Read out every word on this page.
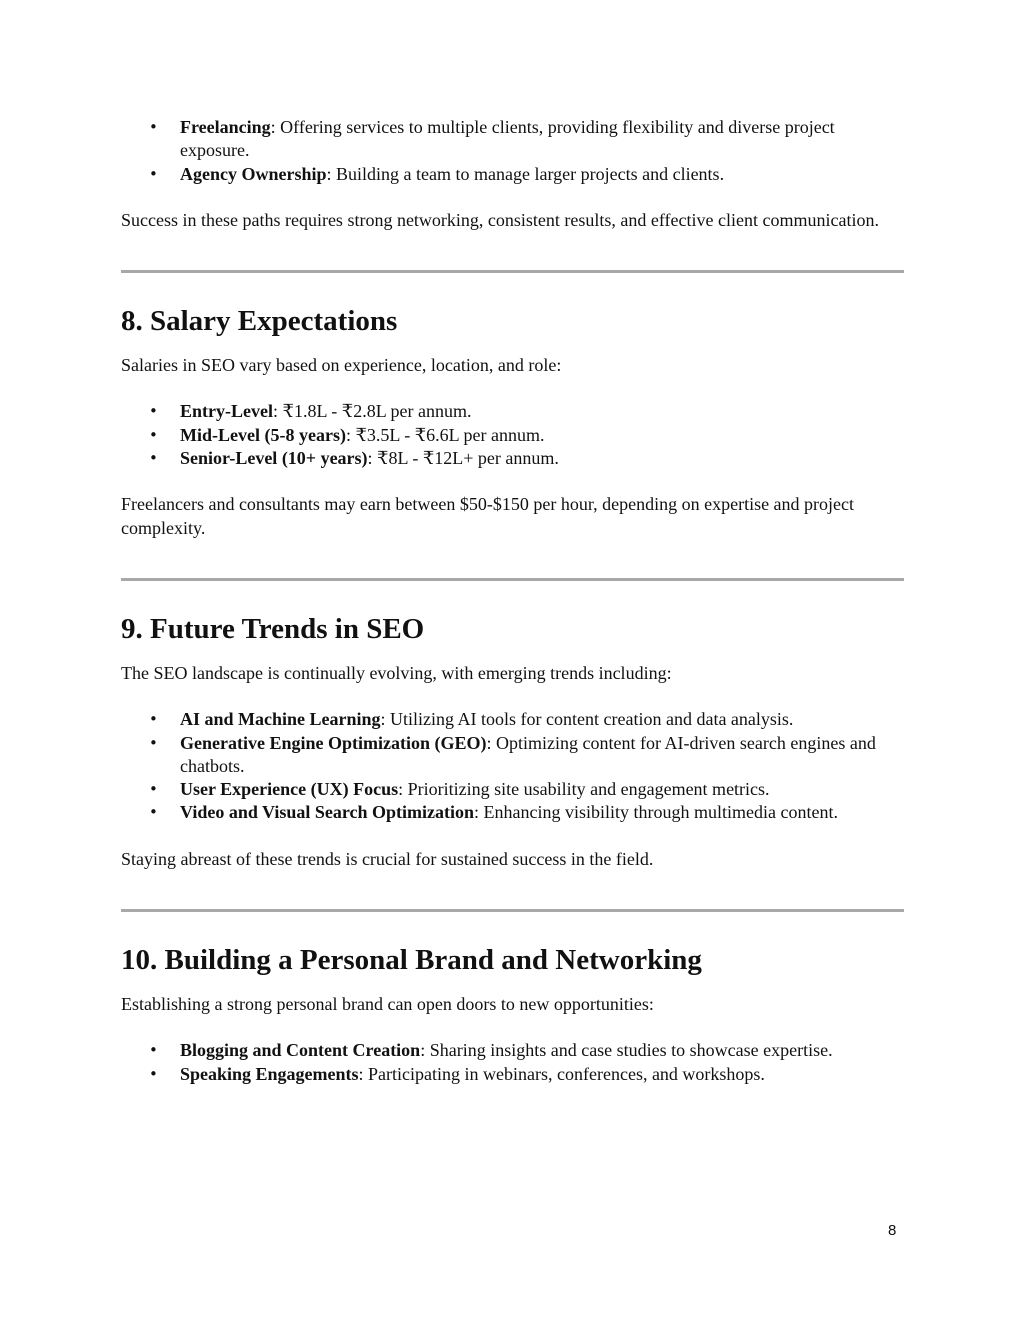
• Freelancing: Offering services to multiple clients, providing flexibility and diverse project exposure.
• Agency Ownership: Building a team to manage larger projects and clients.

Success in these paths requires strong networking, consistent results, and effective client communication.

8. Salary Expectations

Salaries in SEO vary based on experience, location, and role:

• Entry-Level: ₹1.8L - ₹2.8L per annum.
• Mid-Level (5-8 years): ₹3.5L - ₹6.6L per annum.
• Senior-Level (10+ years): ₹8L - ₹12L+ per annum.

Freelancers and consultants may earn between $50-$150 per hour, depending on expertise and project complexity.

9. Future Trends in SEO

The SEO landscape is continually evolving, with emerging trends including:

• AI and Machine Learning: Utilizing AI tools for content creation and data analysis.
• Generative Engine Optimization (GEO): Optimizing content for AI-driven search engines and chatbots.
• User Experience (UX) Focus: Prioritizing site usability and engagement metrics.
• Video and Visual Search Optimization: Enhancing visibility through multimedia content.

Staying abreast of these trends is crucial for sustained success in the field.

10. Building a Personal Brand and Networking

Establishing a strong personal brand can open doors to new opportunities:

• Blogging and Content Creation: Sharing insights and case studies to showcase expertise.
• Speaking Engagements: Participating in webinars, conferences, and workshops.
8
